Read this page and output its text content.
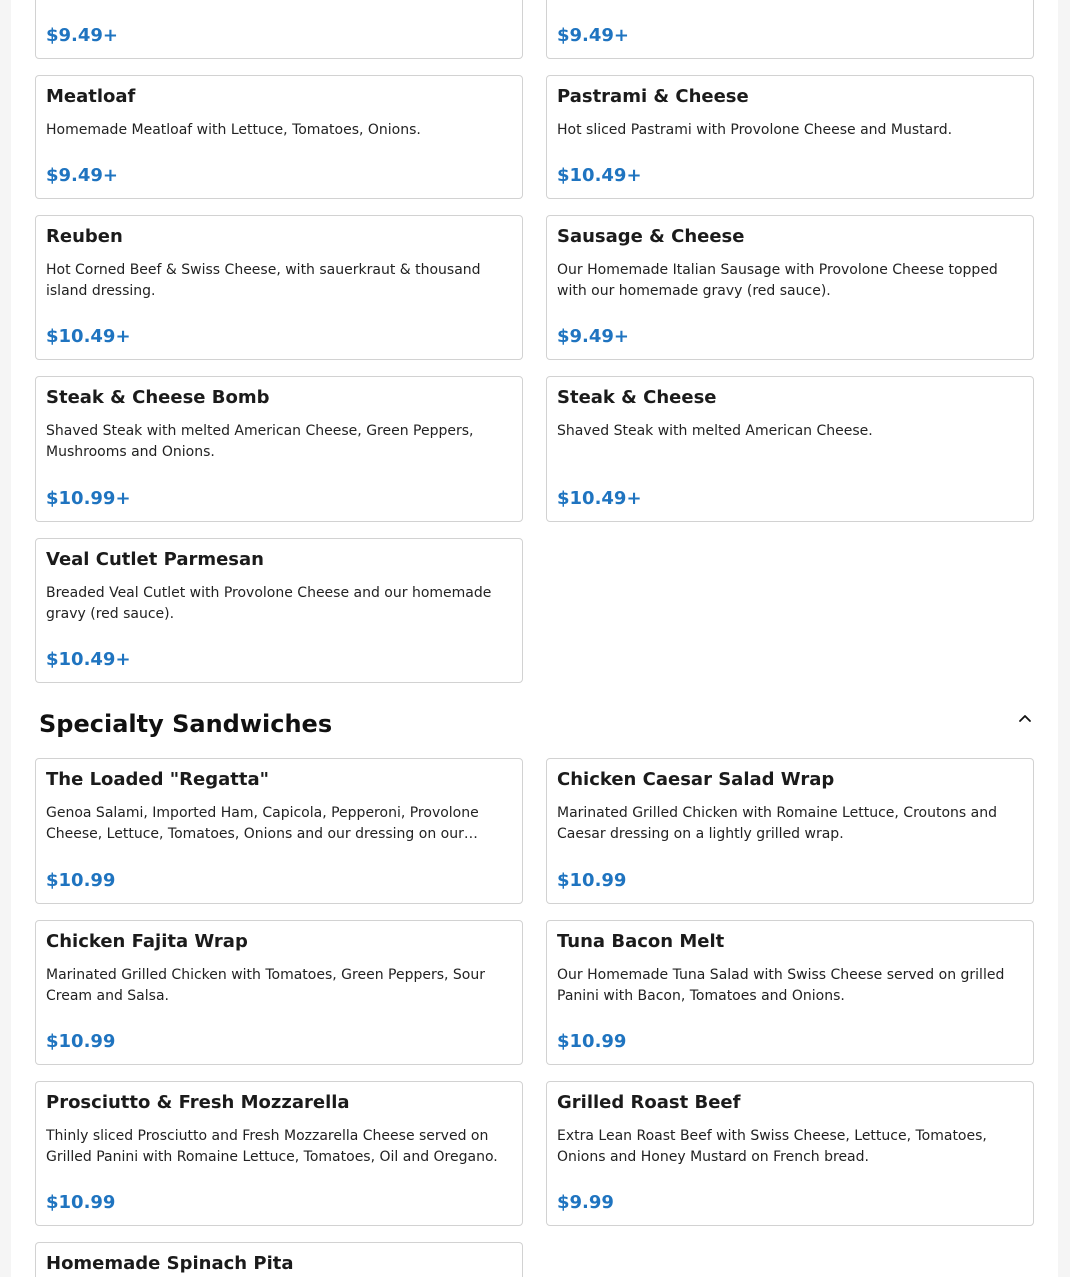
$9.49+	$9.49+
Meatloaf
Homemade Meatloaf with Lettuce, Tomatoes, Onions.
$9.49+
Pastrami & Cheese
Hot sliced Pastrami with Provolone Cheese and Mustard.
$10.49+
Reuben
Hot Corned Beef & Swiss Cheese, with sauerkraut & thousand island dressing.
$10.49+
Sausage & Cheese
Our Homemade Italian Sausage with Provolone Cheese topped with our homemade gravy (red sauce).
$9.49+
Steak & Cheese Bomb
Shaved Steak with melted American Cheese, Green Peppers, Mushrooms and Onions.
$10.99+
Steak & Cheese
Shaved Steak with melted American Cheese.
$10.49+
Veal Cutlet Parmesan
Breaded Veal Cutlet with Provolone Cheese and our homemade gravy (red sauce).
$10.49+
Specialty Sandwiches
The Loaded "Regatta"
Genoa Salami, Imported Ham, Capicola, Pepperoni, Provolone Cheese, Lettuce, Tomatoes, Onions and our dressing on our…
$10.99
Chicken Caesar Salad Wrap
Marinated Grilled Chicken with Romaine Lettuce, Croutons and Caesar dressing on a lightly grilled wrap.
$10.99
Chicken Fajita Wrap
Marinated Grilled Chicken with Tomatoes, Green Peppers, Sour Cream and Salsa.
$10.99
Tuna Bacon Melt
Our Homemade Tuna Salad with Swiss Cheese served on grilled Panini with Bacon, Tomatoes and Onions.
$10.99
Prosciutto & Fresh Mozzarella
Thinly sliced Prosciutto and Fresh Mozzarella Cheese served on Grilled Panini with Romaine Lettuce, Tomatoes, Oil and Oregano.
$10.99
Grilled Roast Beef
Extra Lean Roast Beef with Swiss Cheese, Lettuce, Tomatoes, Onions and Honey Mustard on French bread.
$9.99
Homemade Spinach Pita
